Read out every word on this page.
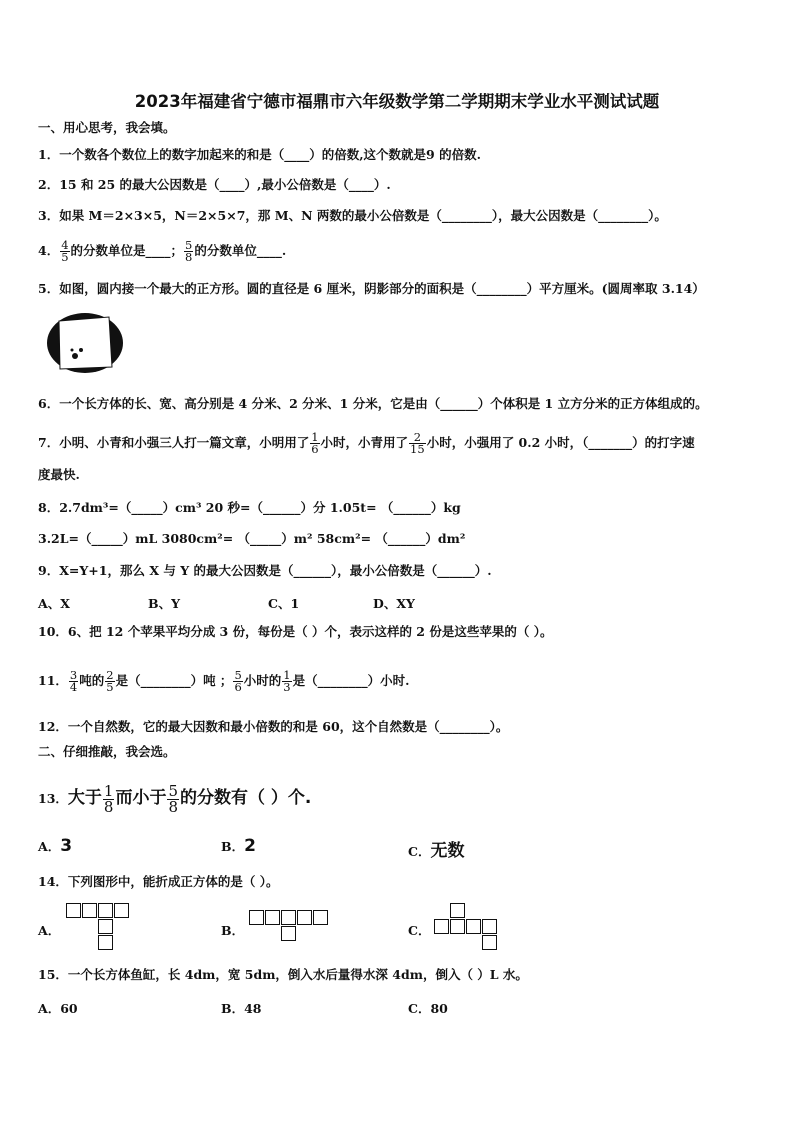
2023年福建省宁德市福鼎市六年级数学第二学期期末学业水平测试试题
一、用心思考，我会填。
1．一个数各个数位上的数字加起来的和是（____）的倍数,这个数就是9 的倍数.
2．15 和 25 的最大公因数是（____）,最小公倍数是（____）.
3．如果 M＝2×3×5，N＝2×5×7，那 M、N 两数的最小公倍数是（________），最大公因数是（________）。
4． $\frac{4}{5}$ 的分数单位是____； $\frac{5}{8}$ 的分数单位____.
5．如图，圆内接一个最大的正方形。圆的直径是 6 厘米，阴影部分的面积是（________）平方厘米。(圆周率取 3.14）
6．一个长方体的长、宽、高分别是 4 分米、2 分米、1 分米，它是由（______）个体积是 1 立方分米的正方体组成的。
7．小明、小青和小强三人打一篇文章，小明用了 $\frac{1}{6}$ 小时，小青用了 $\frac{2}{15}$ 小时，小强用了 0.2 小时，（_______）的打字速
度最快.
8．2.7dm³=（_____）cm³ 20 秒=（______）分 1.05t= （______）kg
3.2L=（_____）mL 3080cm²= （_____）m² 58cm²= （______）dm²
9．X=Y+1，那么 X 与 Y 的最大公因数是（______），最小公倍数是（______）.
A、X	B、Y	C、1	D、XY
10．6、把 12 个苹果平均分成 3 份，每份是（ ）个，表示这样的 2 份是这些苹果的（ ）。
11． $\frac{3}{4}$ 吨的 $\frac{2}{5}$ 是（________）吨 ； $\frac{5}{6}$ 小时的 $\frac{1}{3}$ 是（________）小时.
12．一个自然数，它的最大因数和最小倍数的和是 60，这个自然数是（________）。
二、仔细推敲，我会选。
13．大于 $\frac{1}{8}$ 而小于 $\frac{5}{8}$ 的分数有（ ）个.
A．3	B．2	C．无数
14．下列图形中，能折成正方体的是（ ）。
A．	B．	C．
15．一个长方体鱼缸，长 4dm，宽 5dm，倒入水后量得水深 4dm，倒入（ ）L 水。
A．60	B．48	C．80
